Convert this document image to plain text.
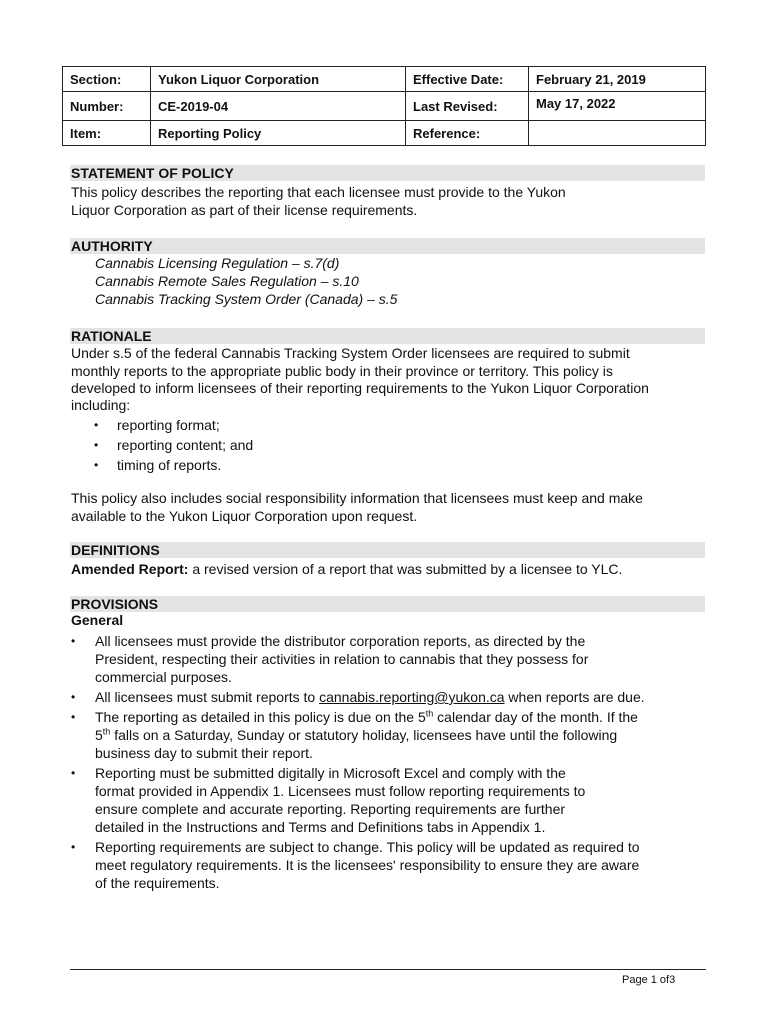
Section:	Yukon Liquor Corporation	Effective Date:	February 21, 2019
Number:	CE-2019-04	Last Revised:	May 17, 2022
Item:	Reporting Policy	Reference:	
STATEMENT OF POLICY
This policy describes the reporting that each licensee must provide to the Yukon
Liquor Corporation as part of their license requirements.
AUTHORITY
Cannabis Licensing Regulation – s.7(d)
Cannabis Remote Sales Regulation – s.10
Cannabis Tracking System Order (Canada) – s.5
RATIONALE
Under s.5 of the federal Cannabis Tracking System Order licensees are required to submit
monthly reports to the appropriate public body in their province or territory. This policy is
developed to inform licensees of their reporting requirements to the Yukon Liquor Corporation
including:
• reporting format;
• reporting content; and
• timing of reports.
This policy also includes social responsibility information that licensees must keep and make
available to the Yukon Liquor Corporation upon request.
DEFINITIONS
Amended Report: a revised version of a report that was submitted by a licensee to YLC.
PROVISIONS
General
• All licensees must provide the distributor corporation reports, as directed by the
President, respecting their activities in relation to cannabis that they possess for
commercial purposes.
• All licensees must submit reports to cannabis.reporting@yukon.ca when reports are due.
• The reporting as detailed in this policy is due on the 5th calendar day of the month. If the
5th falls on a Saturday, Sunday or statutory holiday, licensees have until the following
business day to submit their report.
• Reporting must be submitted digitally in Microsoft Excel and comply with the
format provided in Appendix 1. Licensees must follow reporting requirements to
ensure complete and accurate reporting. Reporting requirements are further
detailed in the Instructions and Terms and Definitions tabs in Appendix 1.
• Reporting requirements are subject to change. This policy will be updated as required to
meet regulatory requirements. It is the licensees' responsibility to ensure they are aware
of the requirements.
Page 1 of3
